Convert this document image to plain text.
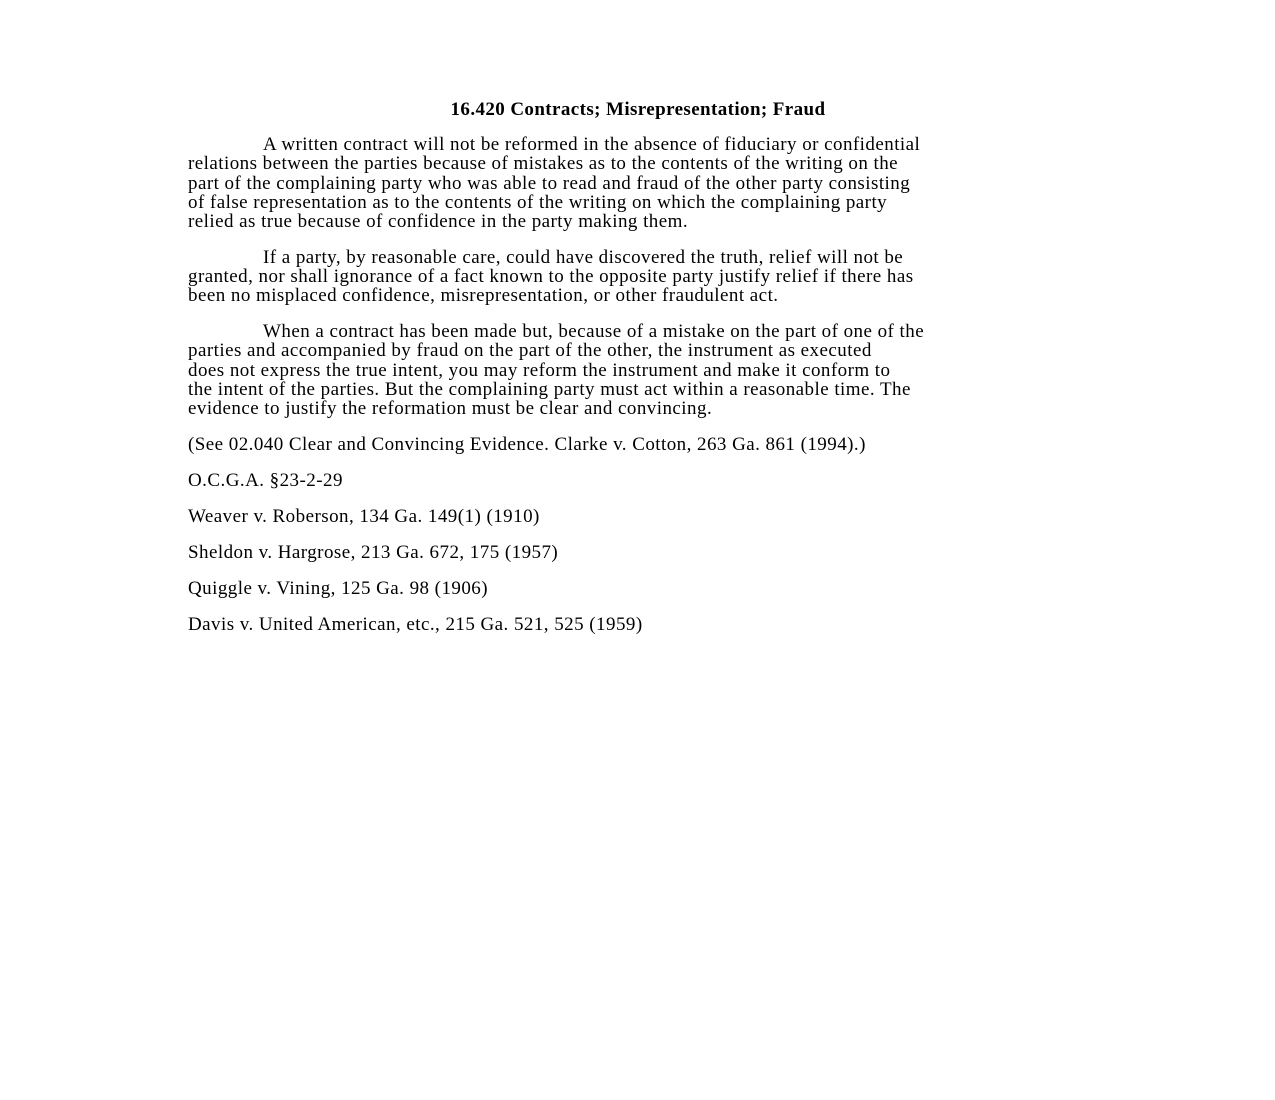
16.420 Contracts; Misrepresentation; Fraud
A written contract will not be reformed in the absence of fiduciary or confidential
relations between the parties because of mistakes as to the contents of the writing on the
part of the complaining party who was able to read and fraud of the other party consisting
of false representation as to the contents of the writing on which the complaining party
relied as true because of confidence in the party making them.
If a party, by reasonable care, could have discovered the truth, relief will not be
granted, nor shall ignorance of a fact known to the opposite party justify relief if there has
been no misplaced confidence, misrepresentation, or other fraudulent act.
When a contract has been made but, because of a mistake on the part of one of the
parties and accompanied by fraud on the part of the other, the instrument as executed
does not express the true intent, you may reform the instrument and make it conform to
the intent of the parties. But the complaining party must act within a reasonable time. The
evidence to justify the reformation must be clear and convincing.
(See 02.040 Clear and Convincing Evidence. Clarke v. Cotton, 263 Ga. 861 (1994).)
O.C.G.A. §23-2-29
Weaver v. Roberson, 134 Ga. 149(1) (1910)
Sheldon v. Hargrose, 213 Ga. 672, 175 (1957)
Quiggle v. Vining, 125 Ga. 98 (1906)
Davis v. United American, etc., 215 Ga. 521, 525 (1959)
